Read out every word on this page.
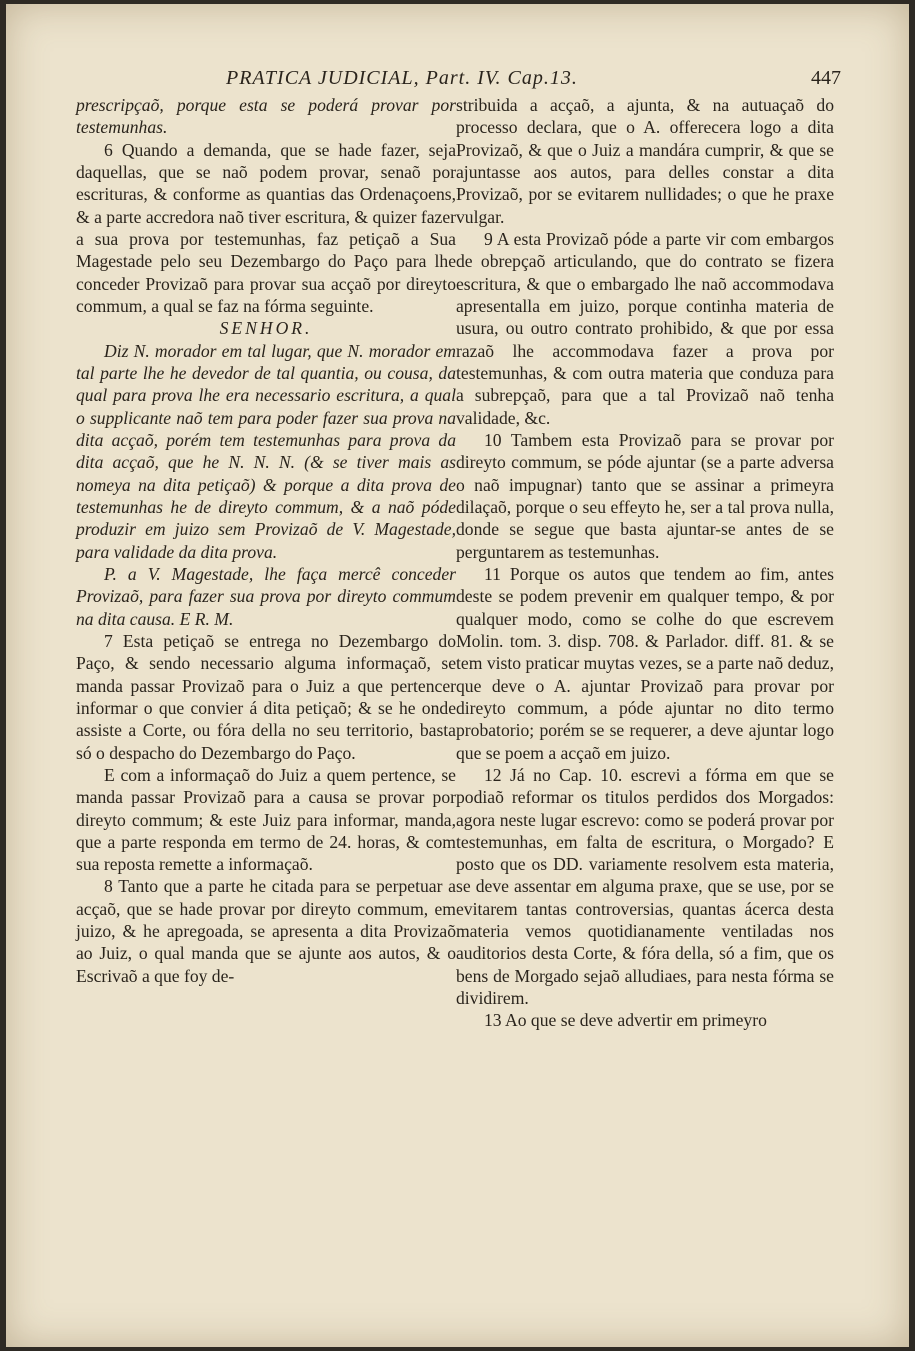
PRATICA JUDICIAL, Part. IV. Cap.13.	447

prescripçaõ, porque esta se poderá provar por testemunhas.

6 Quando a demanda, que se hade fazer, seja daquellas, que se naõ podem provar, senaõ por escrituras, & conforme as quantias das Ordenaçoens, & a parte accredora naõ tiver escritura, & quizer fazer a sua prova por testemunhas, faz petiçaõ a Sua Magestade pelo seu Dezembargo do Paço para lhe conceder Provizaõ para provar sua acçaõ por direyto commum, a qual se faz na fórma seguinte.

SENHOR.

Diz N. morador em tal lugar, que N. morador em tal parte lhe he devedor de tal quantia, ou cousa, da qual para prova lhe era necessario escritura, a qual o supplicante naõ tem para poder fazer sua prova na dita acçaõ, porém tem testemunhas para prova da dita acçaõ, que he N. N. N. (& se tiver mais as nomeya na dita petiçaõ) & porque a dita prova de testemunhas he de direyto commum, & a naõ póde produzir em juizo sem Provizaõ de V. Magestade, para validade da dita prova.

P. a V. Magestade, lhe faça mercê conceder Provizaõ, para fazer sua prova por direyto commum na dita causa. E R. M.

7 Esta petiçaõ se entrega no Dezembargo do Paço, & sendo necessario alguma informaçaõ, se manda passar Provizaõ para o Juiz a que pertencer informar o que convier á dita petiçaõ; & se he onde assiste a Corte, ou fóra della no seu territorio, basta só o despacho do Dezembargo do Paço.

E com a informaçaõ do Juiz a quem pertence, se manda passar Provizaõ para a causa se provar por direyto commum; & este Juiz para informar, manda, que a parte responda em termo de 24. horas, & com sua reposta remette a informaçaõ.

8 Tanto que a parte he citada para se perpetuar a acçaõ, que se hade provar por direyto commum, em juizo, & he apregoada, se apresenta a dita Provizaõ ao Juiz, o qual manda que se ajunte aos autos, & o Escrivaõ a que foy de-

stribuida a acçaõ, a ajunta, & na autuaçaõ do processo declara, que o A. offerecera logo a dita Provizaõ, & que o Juiz a mandára cumprir, & que se ajuntasse aos autos, para delles constar a dita Provizaõ, por se evitarem nullidades; o que he praxe vulgar.

9 A esta Provizaõ póde a parte vir com embargos de obrepçaõ articulando, que do contrato se fizera escritura, & que o embargado lhe naõ accommodava apresentalla em juizo, porque continha materia de usura, ou outro contrato prohibido, & que por essa razaõ lhe accommodava fazer a prova por testemunhas, & com outra materia que conduza para a subrepçaõ, para que a tal Provizaõ naõ tenha validade, &c.

10 Tambem esta Provizaõ para se provar por direyto commum, se póde ajuntar (se a parte adversa o naõ impugnar) tanto que se assinar a primeyra dilaçaõ, porque o seu effeyto he, ser a tal prova nulla, donde se segue que basta ajuntar-se antes de se perguntarem as testemunhas.

11 Porque os autos que tendem ao fim, antes deste se podem prevenir em qualquer tempo, & por qualquer modo, como se colhe do que escrevem Molin. tom. 3. disp. 708. & Parlador. diff. 81. & se tem visto praticar muytas vezes, se a parte naõ deduz, que deve o A. ajuntar Provizaõ para provar por direyto commum, a póde ajuntar no dito termo probatorio; porém se se requerer, a deve ajuntar logo que se poem a acçaõ em juizo.

12 Já no Cap. 10. escrevi a fórma em que se podiaõ reformar os titulos perdidos dos Morgados: agora neste lugar escrevo: como se poderá provar por testemunhas, em falta de escritura, o Morgado? E posto que os DD. variamente resolvem esta materia, se deve assentar em alguma praxe, que se use, por se evitarem tantas controversias, quantas ácerca desta materia vemos quotidianamente ventiladas nos auditorios desta Corte, & fóra della, só a fim, que os bens de Morgado sejaõ alludiaes, para nesta fórma se dividirem.

13 Ao que se deve advertir em primeyro
